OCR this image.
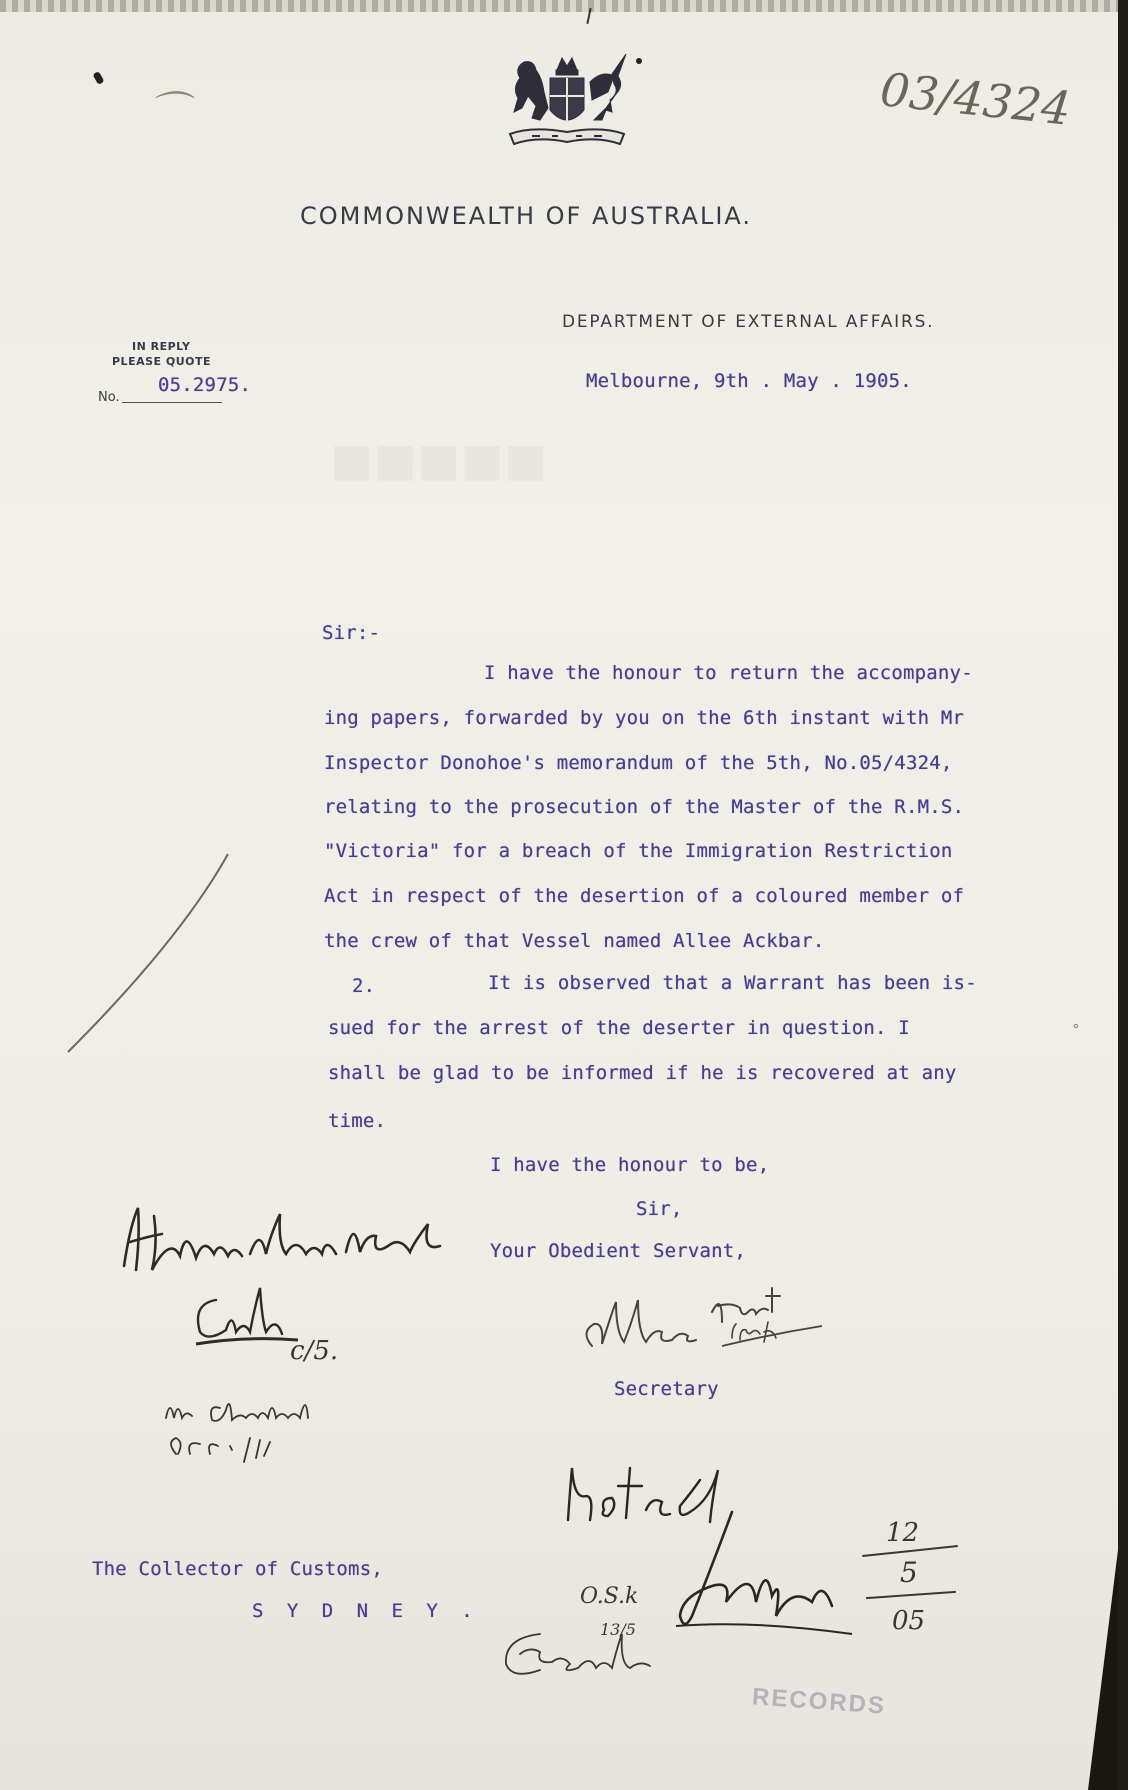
■■■■■
03/4324
⌒
COMMONWEALTH OF AUSTRALIA.
DEPARTMENT OF EXTERNAL AFFAIRS.
IN REPLY
PLEASE QUOTE
No.
05.2975.	Melbourne, 9th . May . 1905.
Sir:-
I have the honour to return the accompany-
ing papers, forwarded by you on the 6th instant with Mr
Inspector Donohoe's memorandum of the 5th, No.05/4324,
relating to the prosecution of the Master of the R.M.S.
"Victoria" for a breach of the Immigration Restriction
Act in respect of the desertion of a coloured member of
the crew of that Vessel named Allee Ackbar.
2.	It is observed that a Warrant has been is-
sued for the arrest of the deserter in question. I
shall be glad to be informed if he is recovered at any
time.
I have the honour to be,
Sir,
Your Obedient Servant,
Secretary
The Collector of Customs,
S Y D N E Y .
c/5.
12
5
05
O.S.k
13/5
RECORDS
∘
